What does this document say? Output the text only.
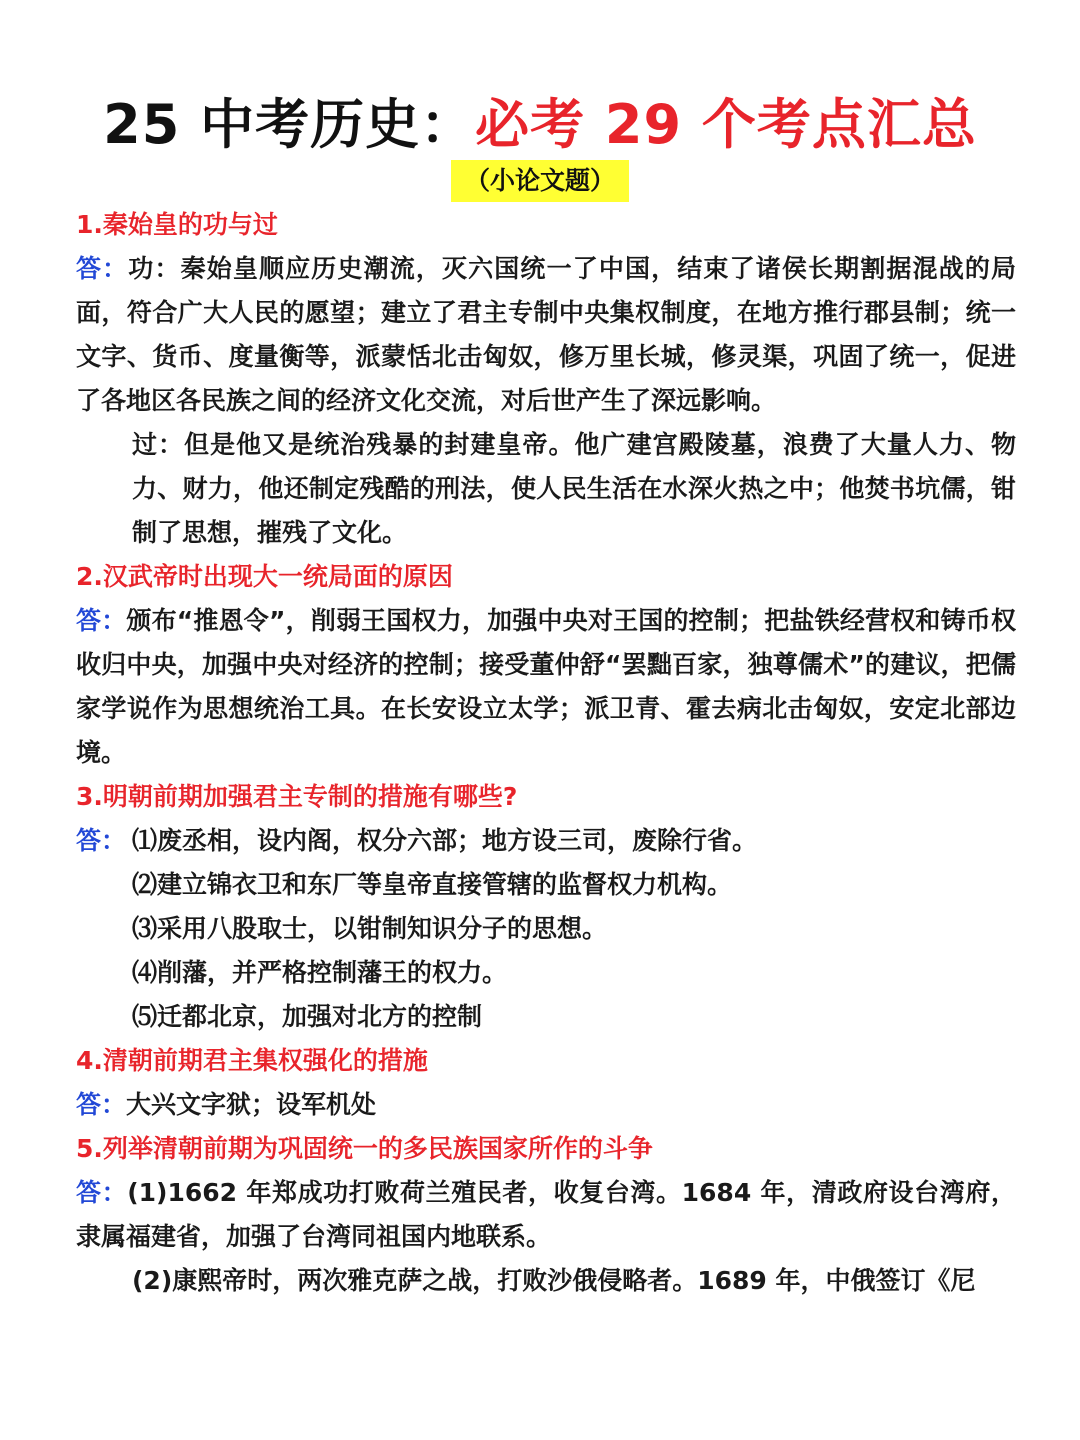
25 中考历史：必考 29 个考点汇总
（小论文题）
1.秦始皇的功与过
答：功：秦始皇顺应历史潮流，灭六国统一了中国，结束了诸侯长期割据混战的局面，符合广大人民的愿望；建立了君主专制中央集权制度，在地方推行郡县制；统一文字、货币、度量衡等，派蒙恬北击匈奴，修万里长城，修灵渠，巩固了统一，促进了各地区各民族之间的经济文化交流，对后世产生了深远影响。
过：但是他又是统治残暴的封建皇帝。他广建宫殿陵墓，浪费了大量人力、物力、财力，他还制定残酷的刑法，使人民生活在水深火热之中；他焚书坑儒，钳制了思想，摧残了文化。
2.汉武帝时出现大一统局面的原因
答：颁布“推恩令”，削弱王国权力，加强中央对王国的控制；把盐铁经营权和铸币权收归中央，加强中央对经济的控制；接受董仲舒“罢黜百家，独尊儒术”的建议，把儒家学说作为思想统治工具。在长安设立太学；派卫青、霍去病北击匈奴，安定北部边境。
3.明朝前期加强君主专制的措施有哪些?
答： ⑴废丞相，设内阁，权分六部；地方设三司，废除行省。
⑵建立锦衣卫和东厂等皇帝直接管辖的监督权力机构。
⑶采用八股取士，以钳制知识分子的思想。
⑷削藩，并严格控制藩王的权力。
⑸迁都北京，加强对北方的控制
4.清朝前期君主集权强化的措施
答：大兴文字狱；设军机处
5.列举清朝前期为巩固统一的多民族国家所作的斗争
答：(1)1662 年郑成功打败荷兰殖民者，收复台湾。1684 年，清政府设台湾府，隶属福建省，加强了台湾同祖国内地联系。
(2)康熙帝时，两次雅克萨之战，打败沙俄侵略者。1689 年，中俄签订《尼
